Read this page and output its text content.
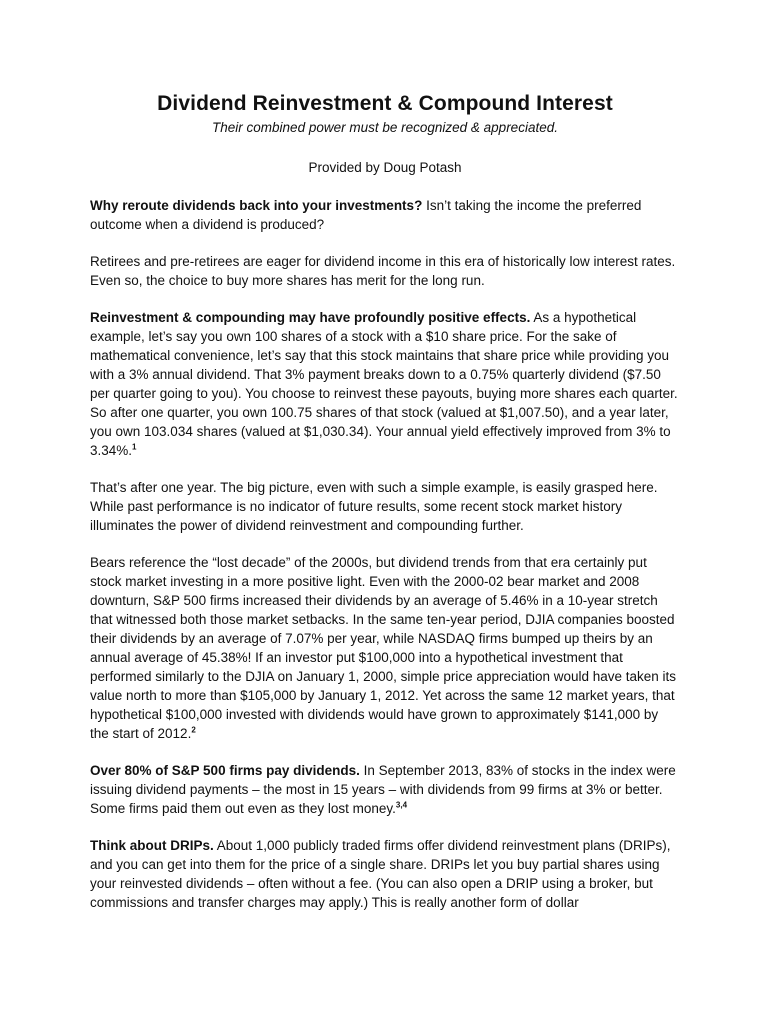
Dividend Reinvestment & Compound Interest

Their combined power must be recognized & appreciated.

Provided by Doug Potash

Why reroute dividends back into your investments? Isn’t taking the income the preferred outcome when a dividend is produced?

Retirees and pre-retirees are eager for dividend income in this era of historically low interest rates. Even so, the choice to buy more shares has merit for the long run.

Reinvestment & compounding may have profoundly positive effects. As a hypothetical example, let’s say you own 100 shares of a stock with a $10 share price. For the sake of mathematical convenience, let’s say that this stock maintains that share price while providing you with a 3% annual dividend. That 3% payment breaks down to a 0.75% quarterly dividend ($7.50 per quarter going to you). You choose to reinvest these payouts, buying more shares each quarter. So after one quarter, you own 100.75 shares of that stock (valued at $1,007.50), and a year later, you own 103.034 shares (valued at $1,030.34). Your annual yield effectively improved from 3% to 3.34%.$^1$

That’s after one year. The big picture, even with such a simple example, is easily grasped here. While past performance is no indicator of future results, some recent stock market history illuminates the power of dividend reinvestment and compounding further.

Bears reference the “lost decade” of the 2000s, but dividend trends from that era certainly put stock market investing in a more positive light. Even with the 2000-02 bear market and 2008 downturn, S&P 500 firms increased their dividends by an average of 5.46% in a 10-year stretch that witnessed both those market setbacks. In the same ten-year period, DJIA companies boosted their dividends by an average of 7.07% per year, while NASDAQ firms bumped up theirs by an annual average of 45.38%! If an investor put $100,000 into a hypothetical investment that performed similarly to the DJIA on January 1, 2000, simple price appreciation would have taken its value north to more than $105,000 by January 1, 2012. Yet across the same 12 market years, that hypothetical $100,000 invested with dividends would have grown to approximately $141,000 by the start of 2012.$^2$

Over 80% of S&P 500 firms pay dividends. In September 2013, 83% of stocks in the index were issuing dividend payments – the most in 15 years – with dividends from 99 firms at 3% or better. Some firms paid them out even as they lost money.$^{3,4}$

Think about DRIPs. About 1,000 publicly traded firms offer dividend reinvestment plans (DRIPs), and you can get into them for the price of a single share. DRIPs let you buy partial shares using your reinvested dividends – often without a fee. (You can also open a DRIP using a broker, but commissions and transfer charges may apply.) This is really another form of dollar
